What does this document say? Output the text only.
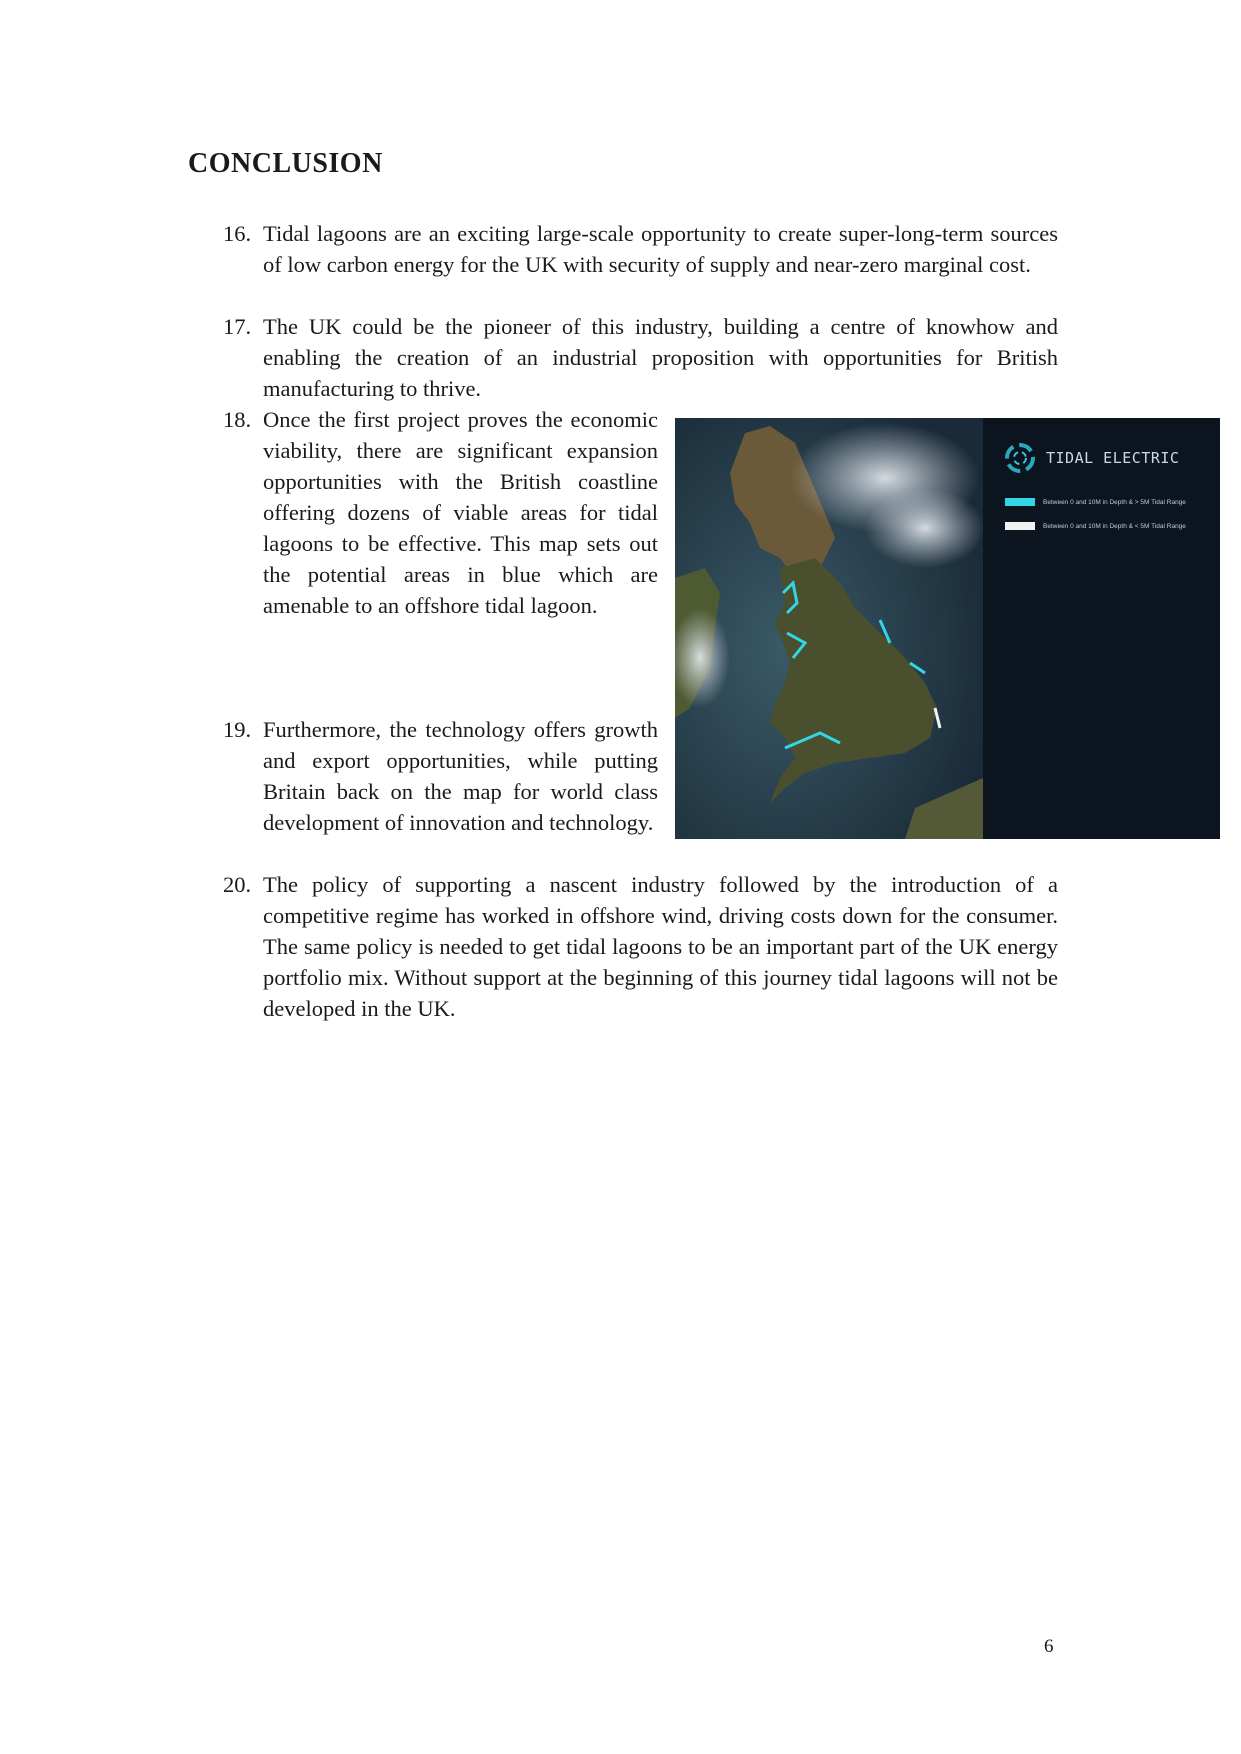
CONCLUSION
16. Tidal lagoons are an exciting large-scale opportunity to create super-long-term sources of low carbon energy for the UK with security of supply and near-zero marginal cost.
17. The UK could be the pioneer of this industry, building a centre of knowhow and enabling the creation of an industrial proposition with opportunities for British manufacturing to thrive.
18. Once the first project proves the economic viability, there are significant expansion opportunities with the British coastline offering dozens of viable areas for tidal lagoons to be effective. This map sets out the potential areas in blue which are amenable to an offshore tidal lagoon.
19. Furthermore, the technology offers growth and export opportunities, while putting Britain back on the map for world class development of innovation and technology.
20. The policy of supporting a nascent industry followed by the introduction of a competitive regime has worked in offshore wind, driving costs down for the consumer. The same policy is needed to get tidal lagoons to be an important part of the UK energy portfolio mix. Without support at the beginning of this journey tidal lagoons will not be developed in the UK.
TIDAL ELECTRIC
Between 0 and 10M in Depth & > 5M Tidal Range
Between 0 and 10M in Depth & < 5M Tidal Range
6
